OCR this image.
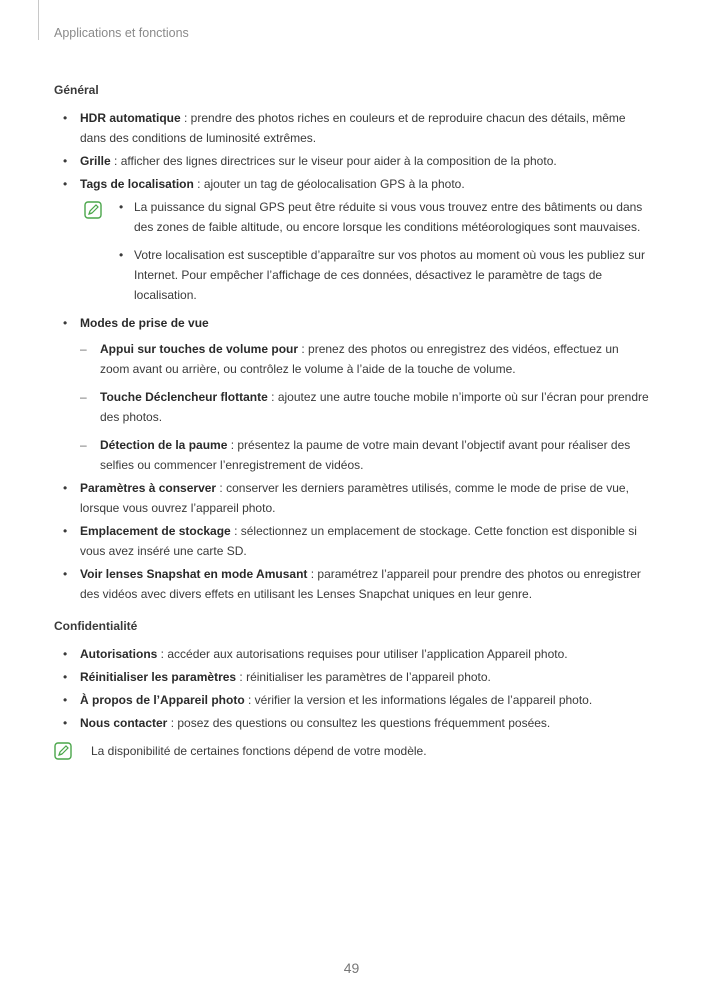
Applications et fonctions
Général
• HDR automatique : prendre des photos riches en couleurs et de reproduire chacun des détails, même dans des conditions de luminosité extrêmes.
• Grille : afficher des lignes directrices sur le viseur pour aider à la composition de la photo.
• Tags de localisation : ajouter un tag de géolocalisation GPS à la photo.
• La puissance du signal GPS peut être réduite si vous vous trouvez entre des bâtiments ou dans des zones de faible altitude, ou encore lorsque les conditions météorologiques sont mauvaises.
• Votre localisation est susceptible d’apparaître sur vos photos au moment où vous les publiez sur Internet. Pour empêcher l’affichage de ces données, désactivez le paramètre de tags de localisation.
• Modes de prise de vue
– Appui sur touches de volume pour : prenez des photos ou enregistrez des vidéos, effectuez un zoom avant ou arrière, ou contrôlez le volume à l’aide de la touche de volume.
– Touche Déclencheur flottante : ajoutez une autre touche mobile n’importe où sur l’écran pour prendre des photos.
– Détection de la paume : présentez la paume de votre main devant l’objectif avant pour réaliser des selfies ou commencer l’enregistrement de vidéos.
• Paramètres à conserver : conserver les derniers paramètres utilisés, comme le mode de prise de vue, lorsque vous ouvrez l’appareil photo.
• Emplacement de stockage : sélectionnez un emplacement de stockage. Cette fonction est disponible si vous avez inséré une carte SD.
• Voir lenses Snapshat en mode Amusant : paramétrez l’appareil pour prendre des photos ou enregistrer des vidéos avec divers effets en utilisant les Lenses Snapchat uniques en leur genre.
Confidentialité
• Autorisations : accéder aux autorisations requises pour utiliser l’application Appareil photo.
• Réinitialiser les paramètres : réinitialiser les paramètres de l’appareil photo.
• À propos de l’Appareil photo : vérifier la version et les informations légales de l’appareil photo.
• Nous contacter : posez des questions ou consultez les questions fréquemment posées.
La disponibilité de certaines fonctions dépend de votre modèle.
49
